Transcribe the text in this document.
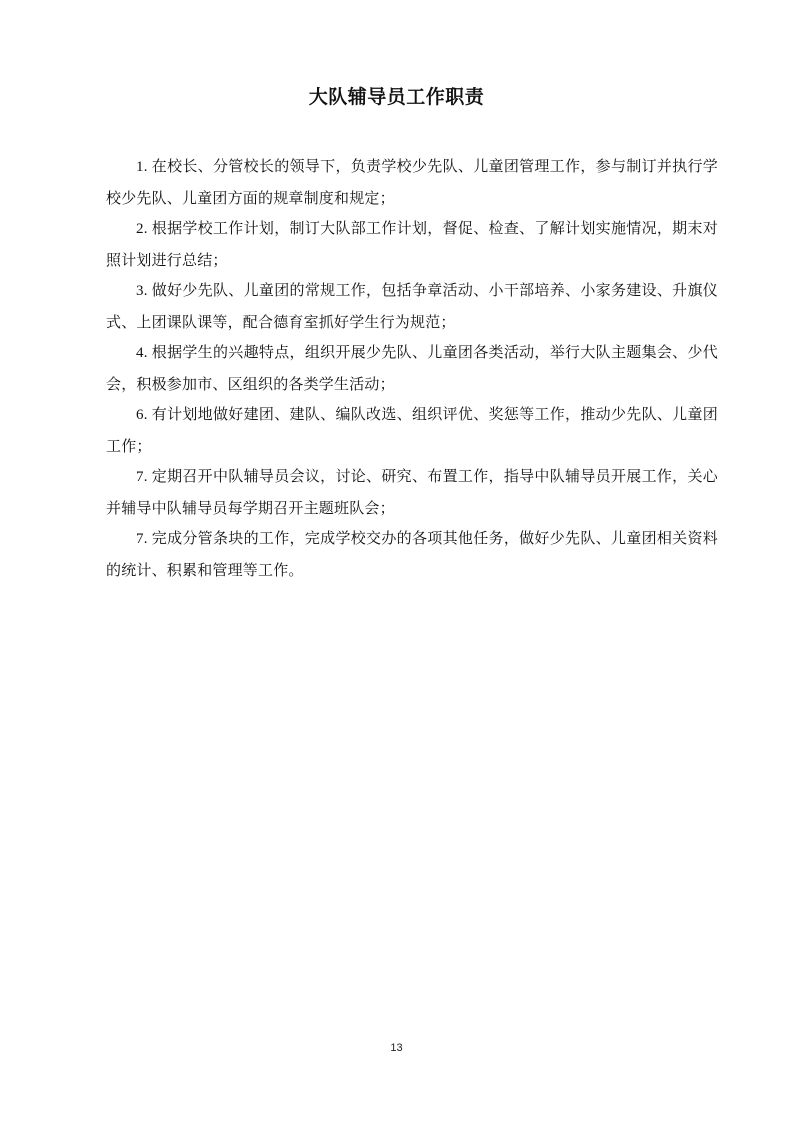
大队辅导员工作职责

1. 在校长、分管校长的领导下，负责学校少先队、儿童团管理工作，参与制订并执行学校少先队、儿童团方面的规章制度和规定；

2. 根据学校工作计划，制订大队部工作计划，督促、检查、了解计划实施情况，期末对照计划进行总结；

3. 做好少先队、儿童团的常规工作，包括争章活动、小干部培养、小家务建设、升旗仪式、上团课队课等，配合德育室抓好学生行为规范；

4. 根据学生的兴趣特点，组织开展少先队、儿童团各类活动，举行大队主题集会、少代会，积极参加市、区组织的各类学生活动；

6. 有计划地做好建团、建队、编队改选、组织评优、奖惩等工作，推动少先队、儿童团工作；

7. 定期召开中队辅导员会议，讨论、研究、布置工作，指导中队辅导员开展工作，关心并辅导中队辅导员每学期召开主题班队会；

7. 完成分管条块的工作，完成学校交办的各项其他任务，做好少先队、儿童团相关资料的统计、积累和管理等工作。

13
